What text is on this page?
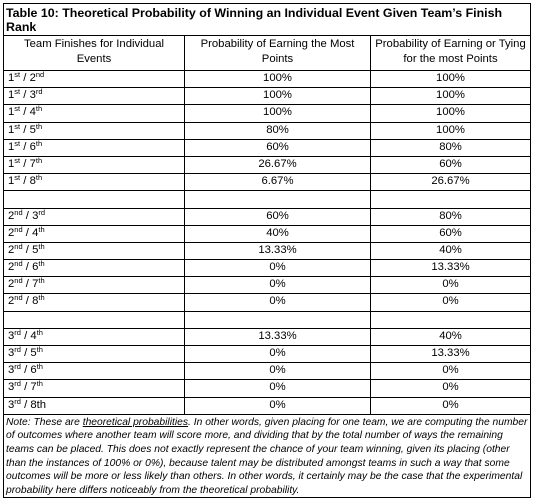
Table 10: Theoretical Probability of Winning an Individual Event Given Team’s Finish Rank
Team Finishes for Individual Events	Probability of Earning the Most Points	Probability of Earning or Tying for the most Points
1st / 2nd	100%	100%
1st / 3rd	100%	100%
1st / 4th	100%	100%
1st / 5th	80%	100%
1st / 6th	60%	80%
1st / 7th	26.67%	60%
1st / 8th	6.67%	26.67%

2nd / 3rd	60%	80%
2nd / 4th	40%	60%
2nd / 5th	13.33%	40%
2nd / 6th	0%	13.33%
2nd / 7th	0%	0%
2nd / 8th	0%	0%

3rd / 4th	13.33%	40%
3rd / 5th	0%	13.33%
3rd / 6th	0%	0%
3rd / 7th	0%	0%
3rd / 8th	0%	0%
Note: These are theoretical probabilities. In other words, given placing for one team, we are computing the number of outcomes where another team will score more, and dividing that by the total number of ways the remaining teams can be placed. This does not exactly represent the chance of your team winning, given its placing (other than the instances of 100% or 0%), because talent may be distributed amongst teams in such a way that some outcomes will be more or less likely than others. In other words, it certainly may be the case that the experimental probability here differs noticeably from the theoretical probability.		
